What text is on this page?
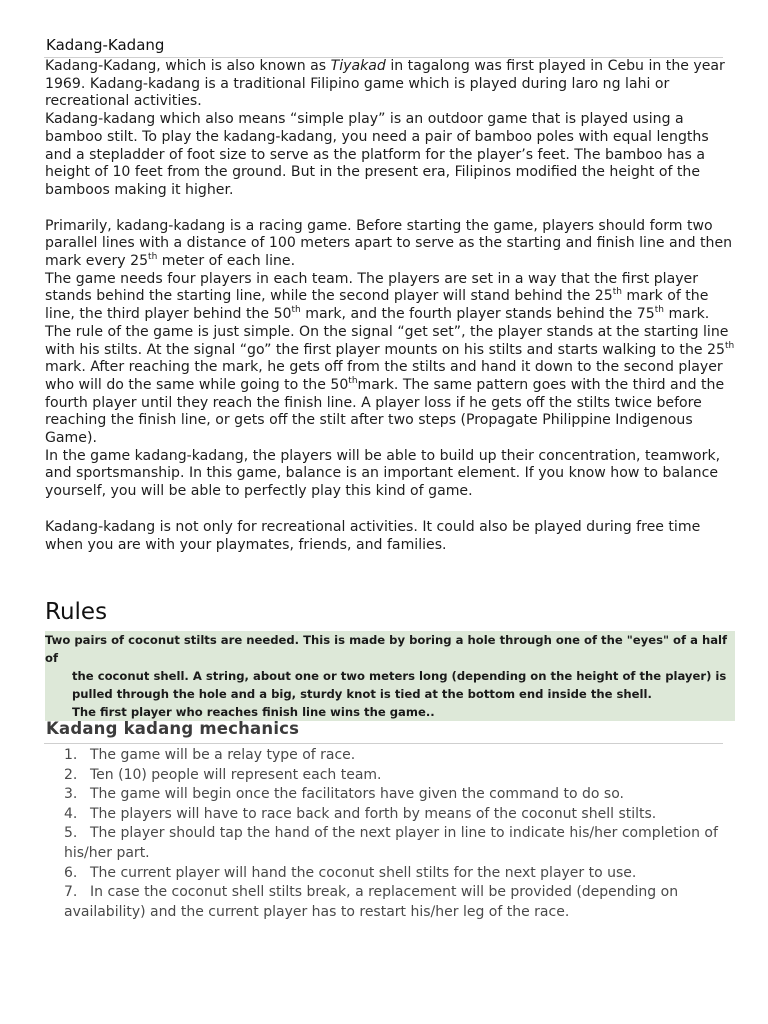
Kadang-Kadang

Kadang-Kadang, which is also known as Tiyakad in tagalong was first played in Cebu in the year 1969. Kadang-kadang is a traditional Filipino game which is played during laro ng lahi or recreational activities.

Kadang-kadang which also means “simple play” is an outdoor game that is played using a bamboo stilt. To play the kadang-kadang, you need a pair of bamboo poles with equal lengths and a stepladder of foot size to serve as the platform for the player’s feet. The bamboo has a height of 10 feet from the ground. But in the present era, Filipinos modified the height of the bamboos making it higher.

Primarily, kadang-kadang is a racing game. Before starting the game, players should form two parallel lines with a distance of 100 meters apart to serve as the starting and finish line and then mark every 25th meter of each line.

The game needs four players in each team. The players are set in a way that the first player stands behind the starting line, while the second player will stand behind the 25th mark of the line, the third player behind the 50th mark, and the fourth player stands behind the 75th mark.

The rule of the game is just simple. On the signal “get set”, the player stands at the starting line with his stilts. At the signal “go” the first player mounts on his stilts and starts walking to the 25th mark. After reaching the mark, he gets off from the stilts and hand it down to the second player who will do the same while going to the 50thmark. The same pattern goes with the third and the fourth player until they reach the finish line. A player loss if he gets off the stilts twice before reaching the finish line, or gets off the stilt after two steps (Propagate Philippine Indigenous Game).

In the game kadang-kadang, the players will be able to build up their concentration, teamwork, and sportsmanship. In this game, balance is an important element. If you know how to balance yourself, you will be able to perfectly play this kind of game.

Kadang-kadang is not only for recreational activities. It could also be played during free time when you are with your playmates, friends, and families.

Rules
Two pairs of coconut stilts are needed. This is made by boring a hole through one of the "eyes" of a half of
the coconut shell. A string, about one or two meters long (depending on the height of the player) is
pulled through the hole and a big, sturdy knot is tied at the bottom end inside the shell.
The first player who reaches finish line wins the game..
Kadang kadang mechanics
1. The game will be a relay type of race.
2. Ten (10) people will represent each team.
3. The game will begin once the facilitators have given the command to do so.
4. The players will have to race back and forth by means of the coconut shell stilts.
5. The player should tap the hand of the next player in line to indicate his/her completion of his/her part.
6. The current player will hand the coconut shell stilts for the next player to use.
7. In case the coconut shell stilts break, a replacement will be provided (depending on availability) and the current player has to restart his/her leg of the race.
